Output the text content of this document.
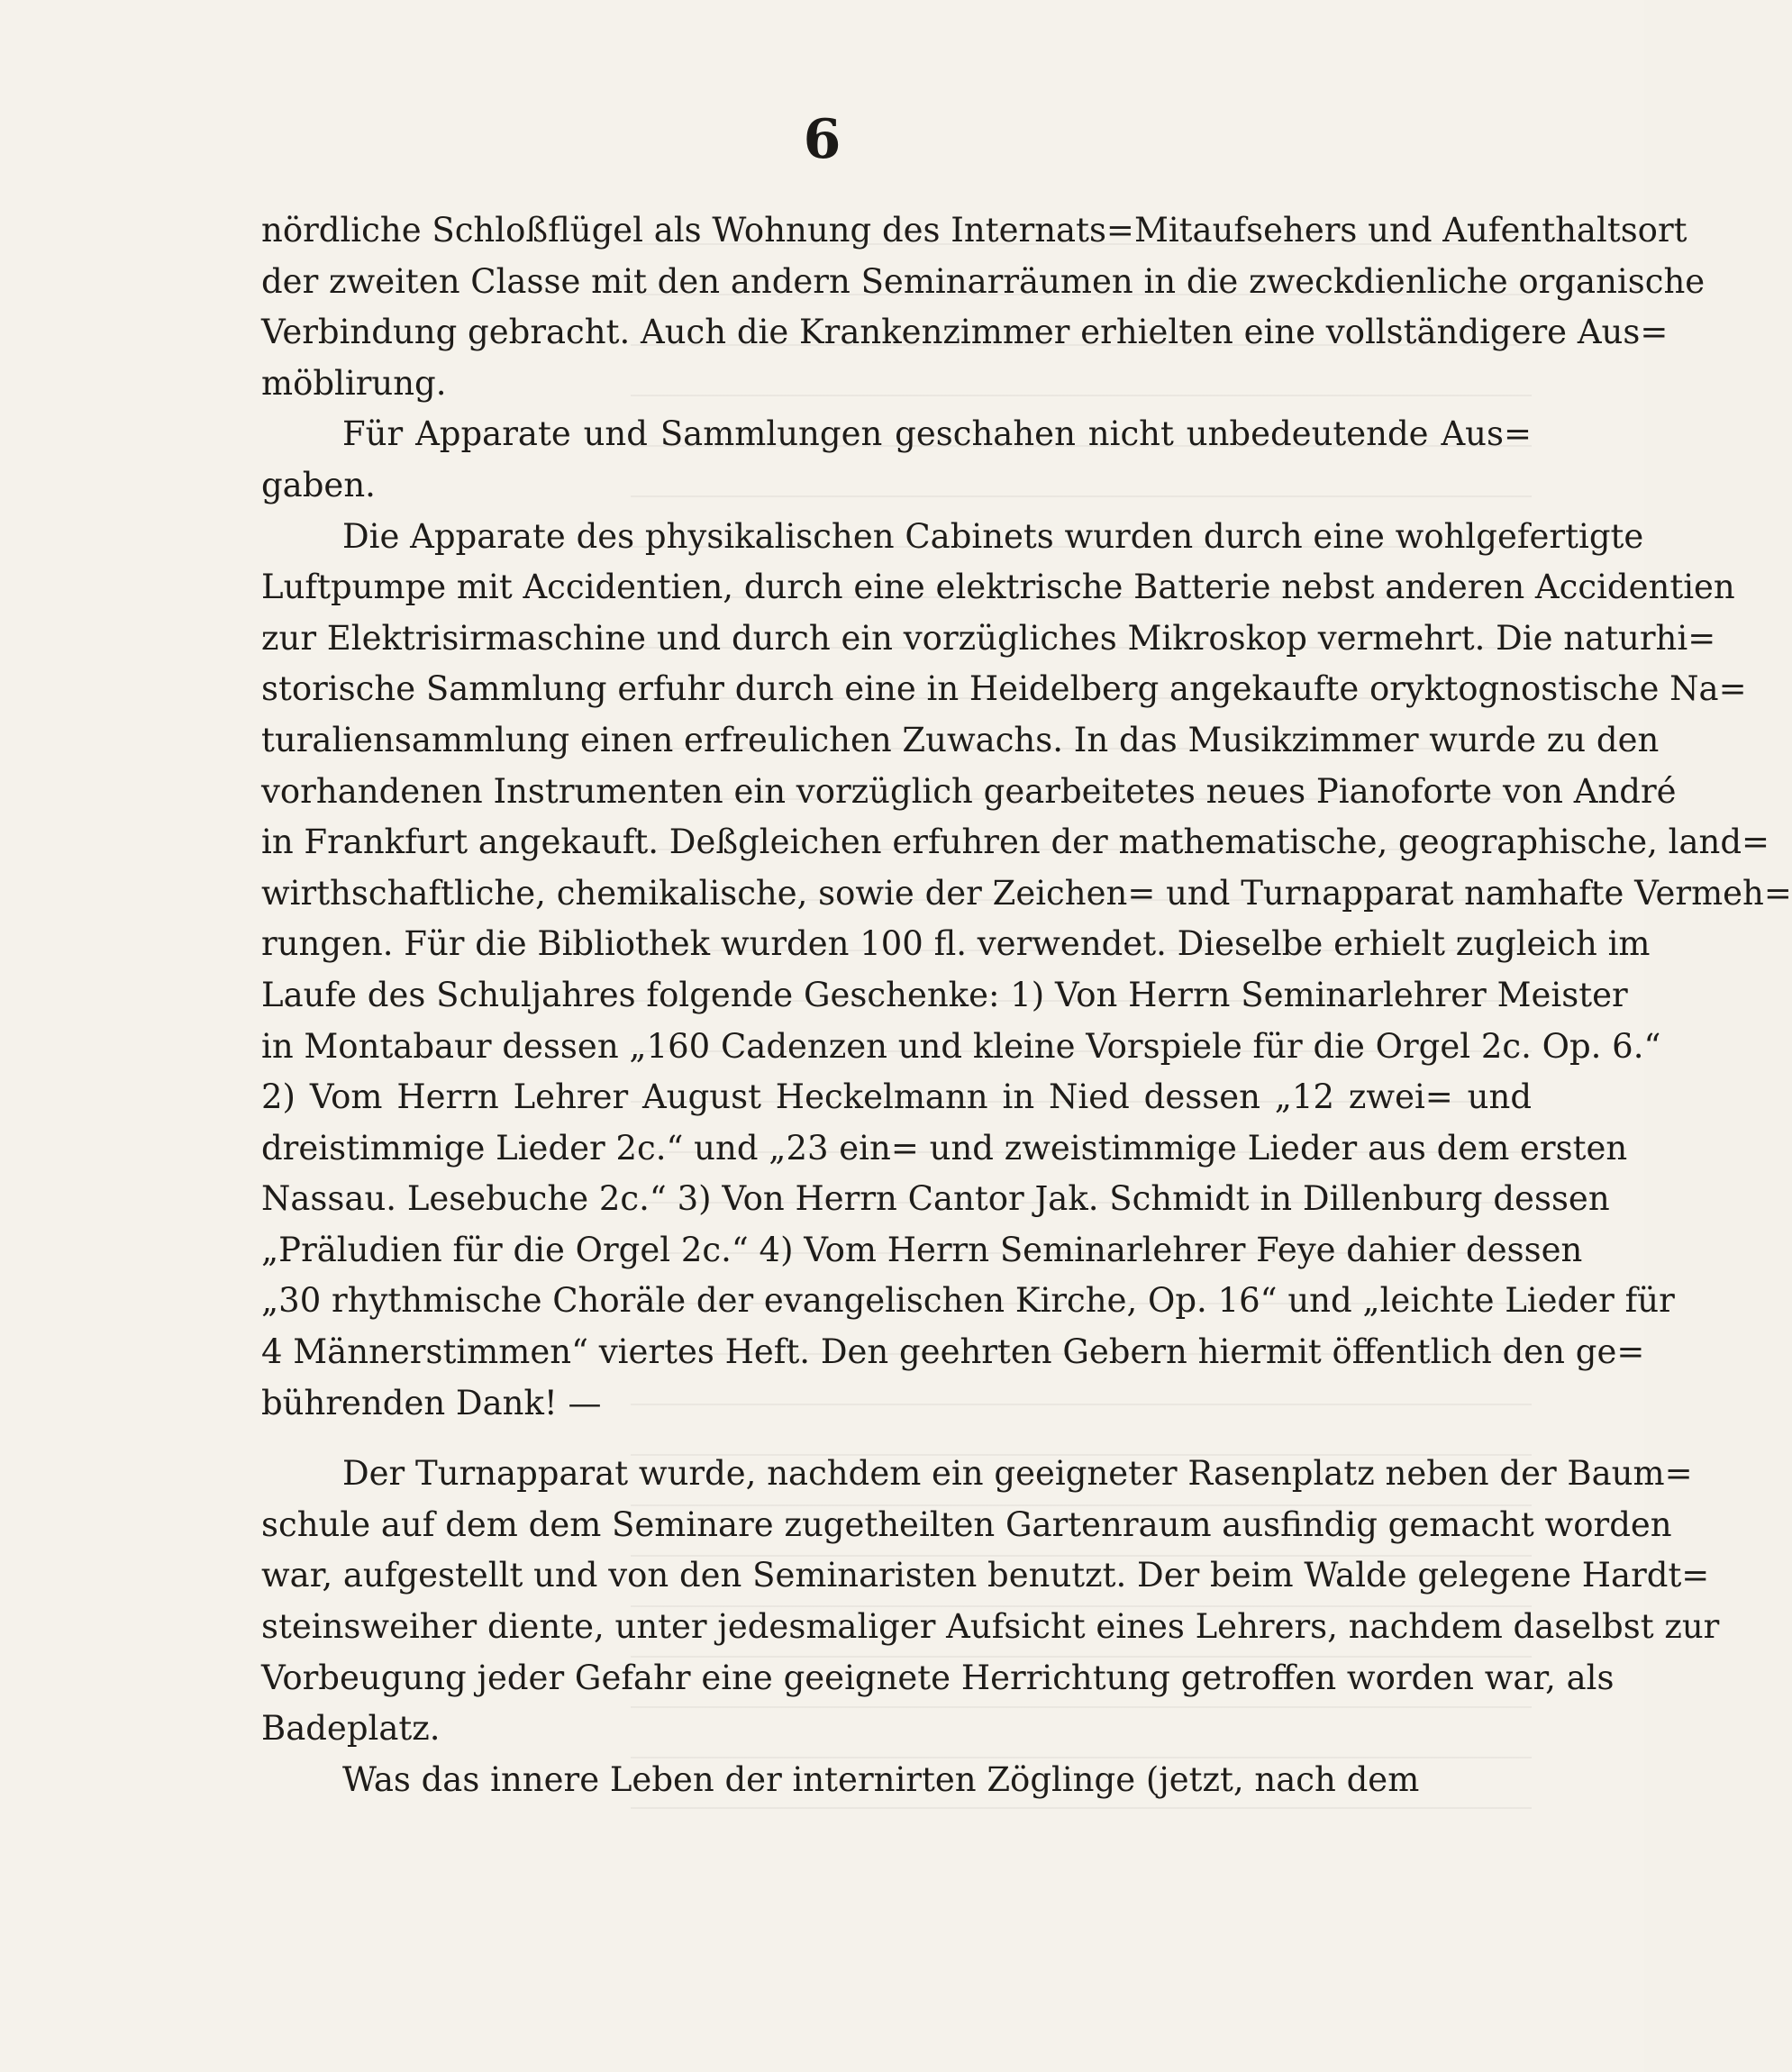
6
nördliche Schloßflügel als Wohnung des Internats=Mitaufsehers und Aufenthaltsort
der zweiten Classe mit den andern Seminarräumen in die zweckdienliche organische
Verbindung gebracht. Auch die Krankenzimmer erhielten eine vollständigere Aus=
möblirung.
Für Apparate und Sammlungen geschahen nicht unbedeutende Aus=
gaben.
Die Apparate des physikalischen Cabinets wurden durch eine wohlgefertigte
Luftpumpe mit Accidentien, durch eine elektrische Batterie nebst anderen Accidentien
zur Elektrisirmaschine und durch ein vorzügliches Mikroskop vermehrt. Die naturhi=
storische Sammlung erfuhr durch eine in Heidelberg angekaufte oryktognostische Na=
turaliensammlung einen erfreulichen Zuwachs. In das Musikzimmer wurde zu den
vorhandenen Instrumenten ein vorzüglich gearbeitetes neues Pianoforte von André
in Frankfurt angekauft. Deßgleichen erfuhren der mathematische, geographische, land=
wirthschaftliche, chemikalische, sowie der Zeichen= und Turnapparat namhafte Vermeh=
rungen. Für die Bibliothek wurden 100 fl. verwendet. Dieselbe erhielt zugleich im
Laufe des Schuljahres folgende Geschenke: 1) Von Herrn Seminarlehrer Meister
in Montabaur dessen „160 Cadenzen und kleine Vorspiele für die Orgel 2c. Op. 6.“
2) Vom Herrn Lehrer August Heckelmann in Nied dessen „12 zwei= und
dreistimmige Lieder 2c.“ und „23 ein= und zweistimmige Lieder aus dem ersten
Nassau. Lesebuche 2c.“ 3) Von Herrn Cantor Jak. Schmidt in Dillenburg dessen
„Präludien für die Orgel 2c.“ 4) Vom Herrn Seminarlehrer Feye dahier dessen
„30 rhythmische Choräle der evangelischen Kirche, Op. 16“ und „leichte Lieder für
4 Männerstimmen“ viertes Heft. Den geehrten Gebern hiermit öffentlich den ge=
bührenden Dank! —
Der Turnapparat wurde, nachdem ein geeigneter Rasenplatz neben der Baum=
schule auf dem dem Seminare zugetheilten Gartenraum ausfindig gemacht worden
war, aufgestellt und von den Seminaristen benutzt. Der beim Walde gelegene Hardt=
steinsweiher diente, unter jedesmaliger Aufsicht eines Lehrers, nachdem daselbst zur
Vorbeugung jeder Gefahr eine geeignete Herrichtung getroffen worden war, als
Badeplatz.
Was das innere Leben der internirten Zöglinge (jetzt, nach dem
